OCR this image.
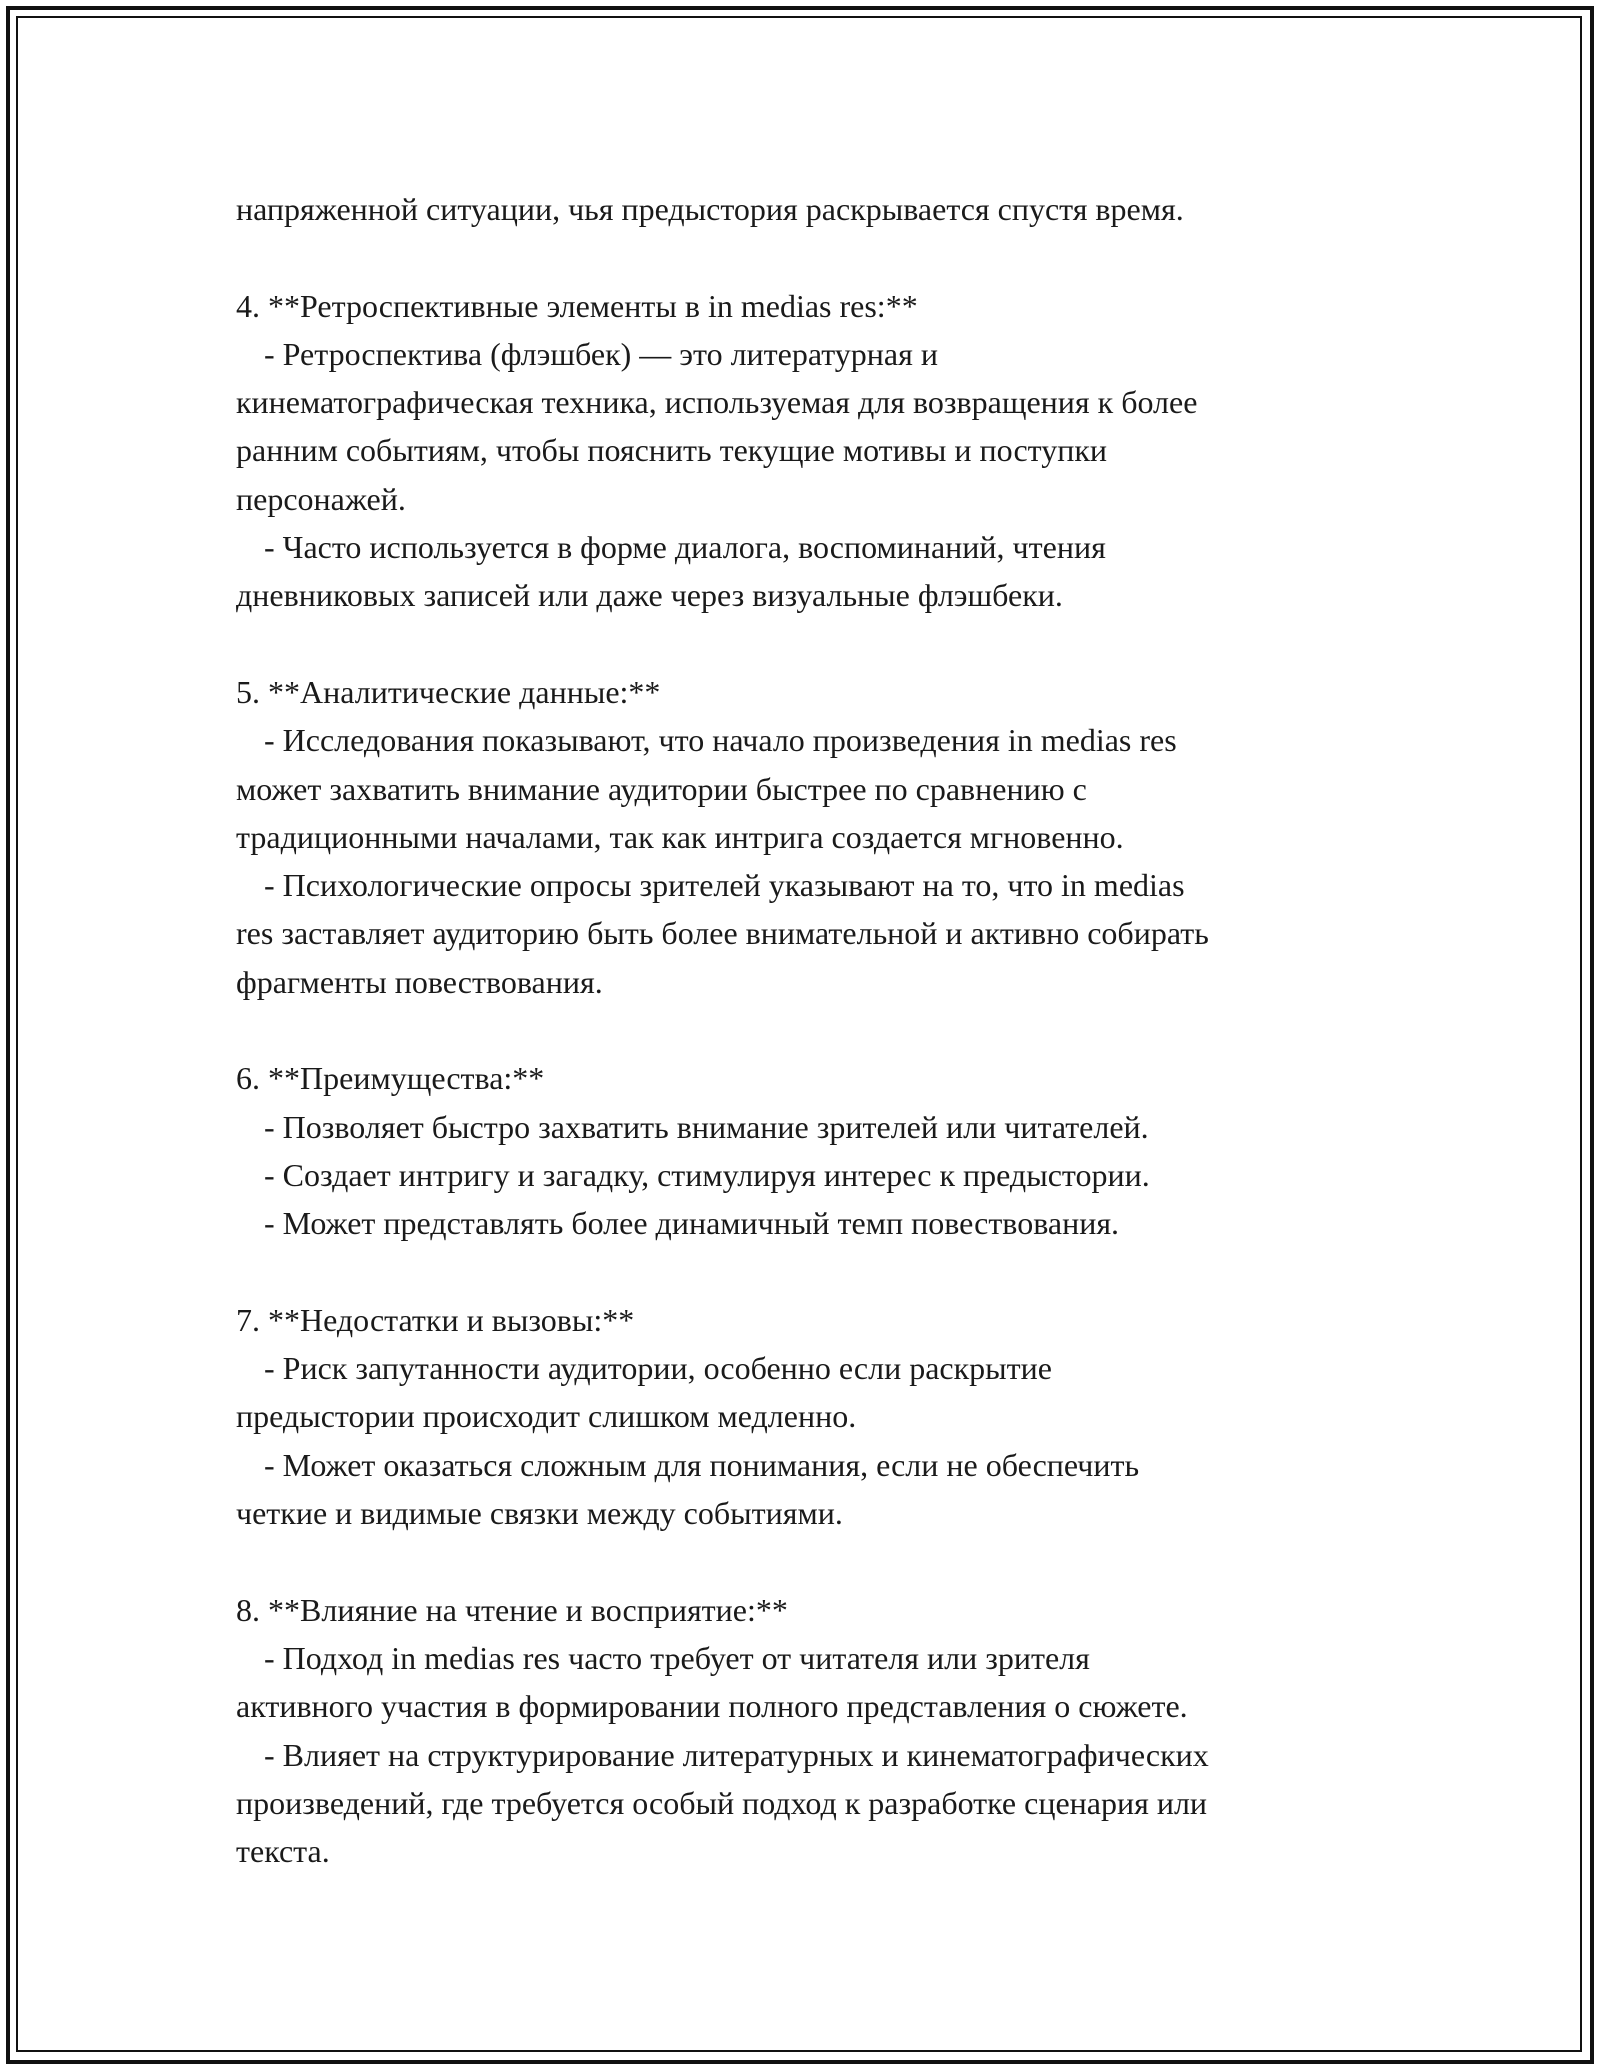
напряженной ситуации, чья предыстория раскрывается спустя время.
4. **Ретроспективные элементы в in medias res:**
- Ретроспектива (флэшбек) — это литературная и
кинематографическая техника, используемая для возвращения к более
ранним событиям, чтобы пояснить текущие мотивы и поступки
персонажей.
- Часто используется в форме диалога, воспоминаний, чтения
дневниковых записей или даже через визуальные флэшбеки.
5. **Аналитические данные:**
- Исследования показывают, что начало произведения in medias res
может захватить внимание аудитории быстрее по сравнению с
традиционными началами, так как интрига создается мгновенно.
- Психологические опросы зрителей указывают на то, что in medias
res заставляет аудиторию быть более внимательной и активно собирать
фрагменты повествования.
6. **Преимущества:**
- Позволяет быстро захватить внимание зрителей или читателей.
- Создает интригу и загадку, стимулируя интерес к предыстории.
- Может представлять более динамичный темп повествования.
7. **Недостатки и вызовы:**
- Риск запутанности аудитории, особенно если раскрытие
предыстории происходит слишком медленно.
- Может оказаться сложным для понимания, если не обеспечить
четкие и видимые связки между событиями.
8. **Влияние на чтение и восприятие:**
- Подход in medias res часто требует от читателя или зрителя
активного участия в формировании полного представления о сюжете.
- Влияет на структурирование литературных и кинематографических
произведений, где требуется особый подход к разработке сценария или
текста.
